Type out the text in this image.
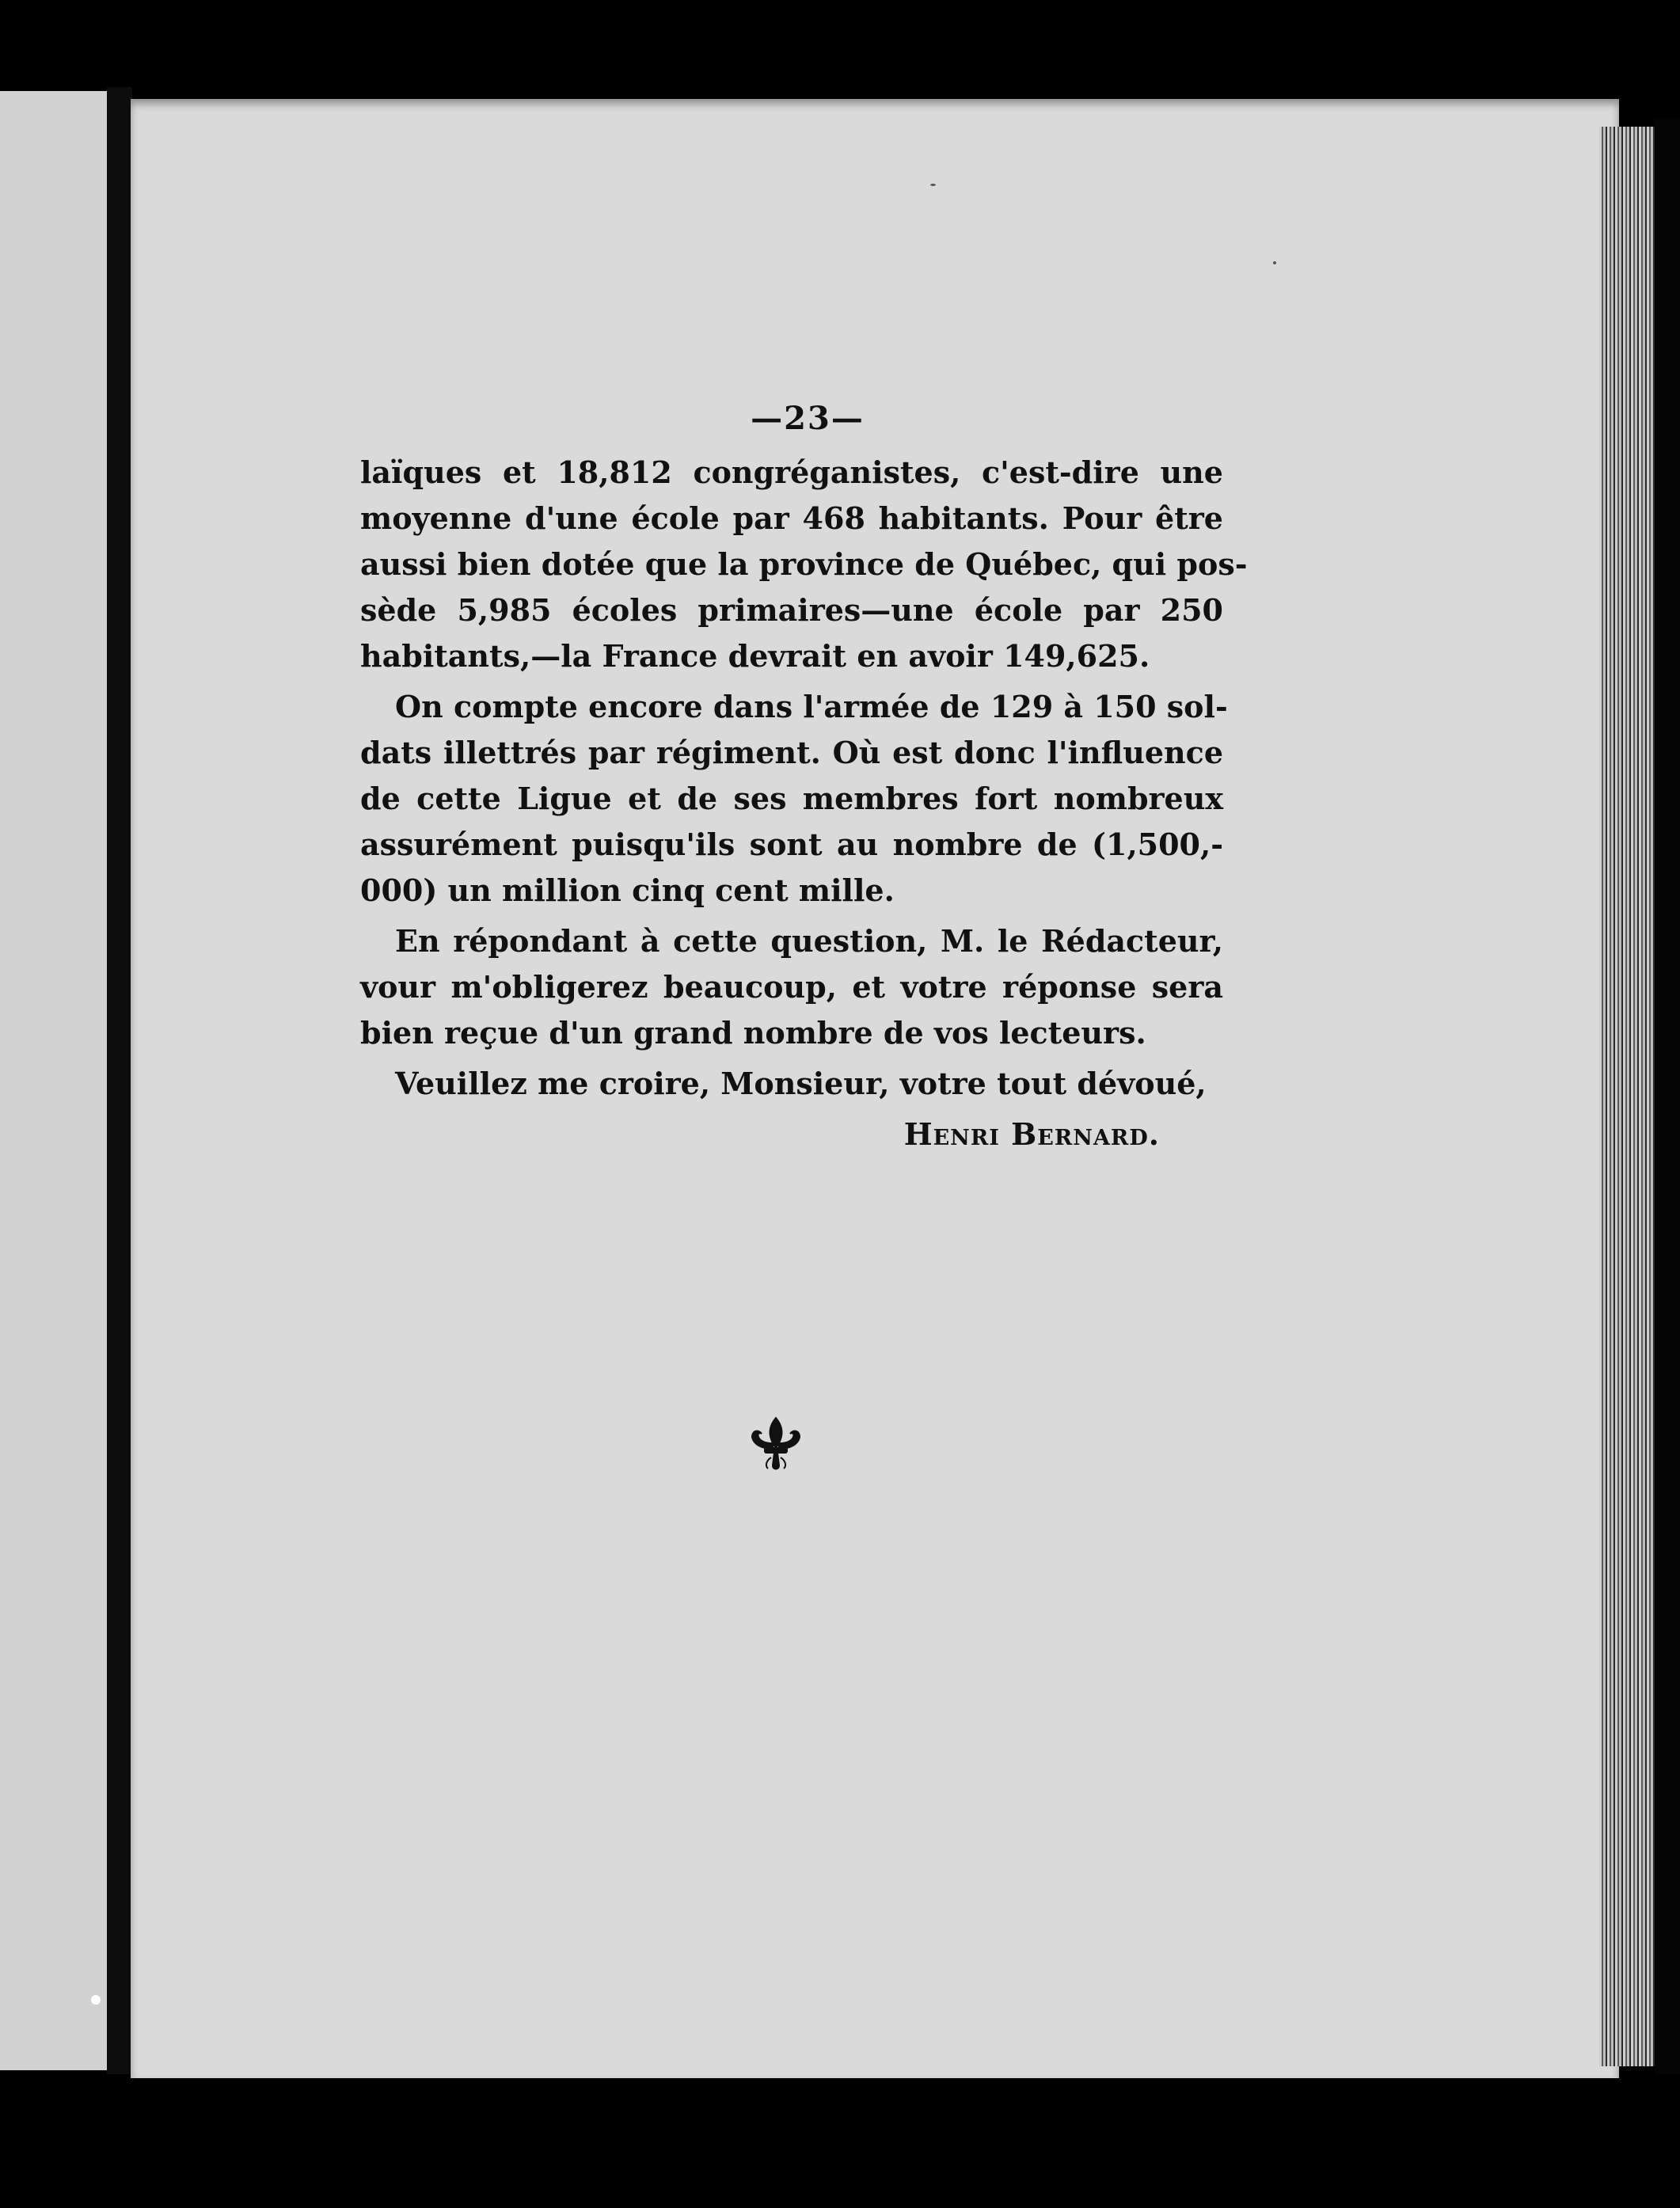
—23—
laïques et 18,812 congréganistes, c'est-dire une
moyenne d'une école par 468 habitants. Pour être
aussi bien dotée que la province de Québec, qui pos-
sède 5,985 écoles primaires—une école par 250
habitants,—la France devrait en avoir 149,625.
On compte encore dans l'armée de 129 à 150 sol-
dats illettrés par régiment. Où est donc l'influence
de cette Ligue et de ses membres fort nombreux
assurément puisqu'ils sont au nombre de (1,500,-
000) un million cinq cent mille.
En répondant à cette question, M. le Rédacteur,
vour m'obligerez beaucoup, et votre réponse sera
bien reçue d'un grand nombre de vos lecteurs.
Veuillez me croire, Monsieur, votre tout dévoué,
Henri Bernard.
